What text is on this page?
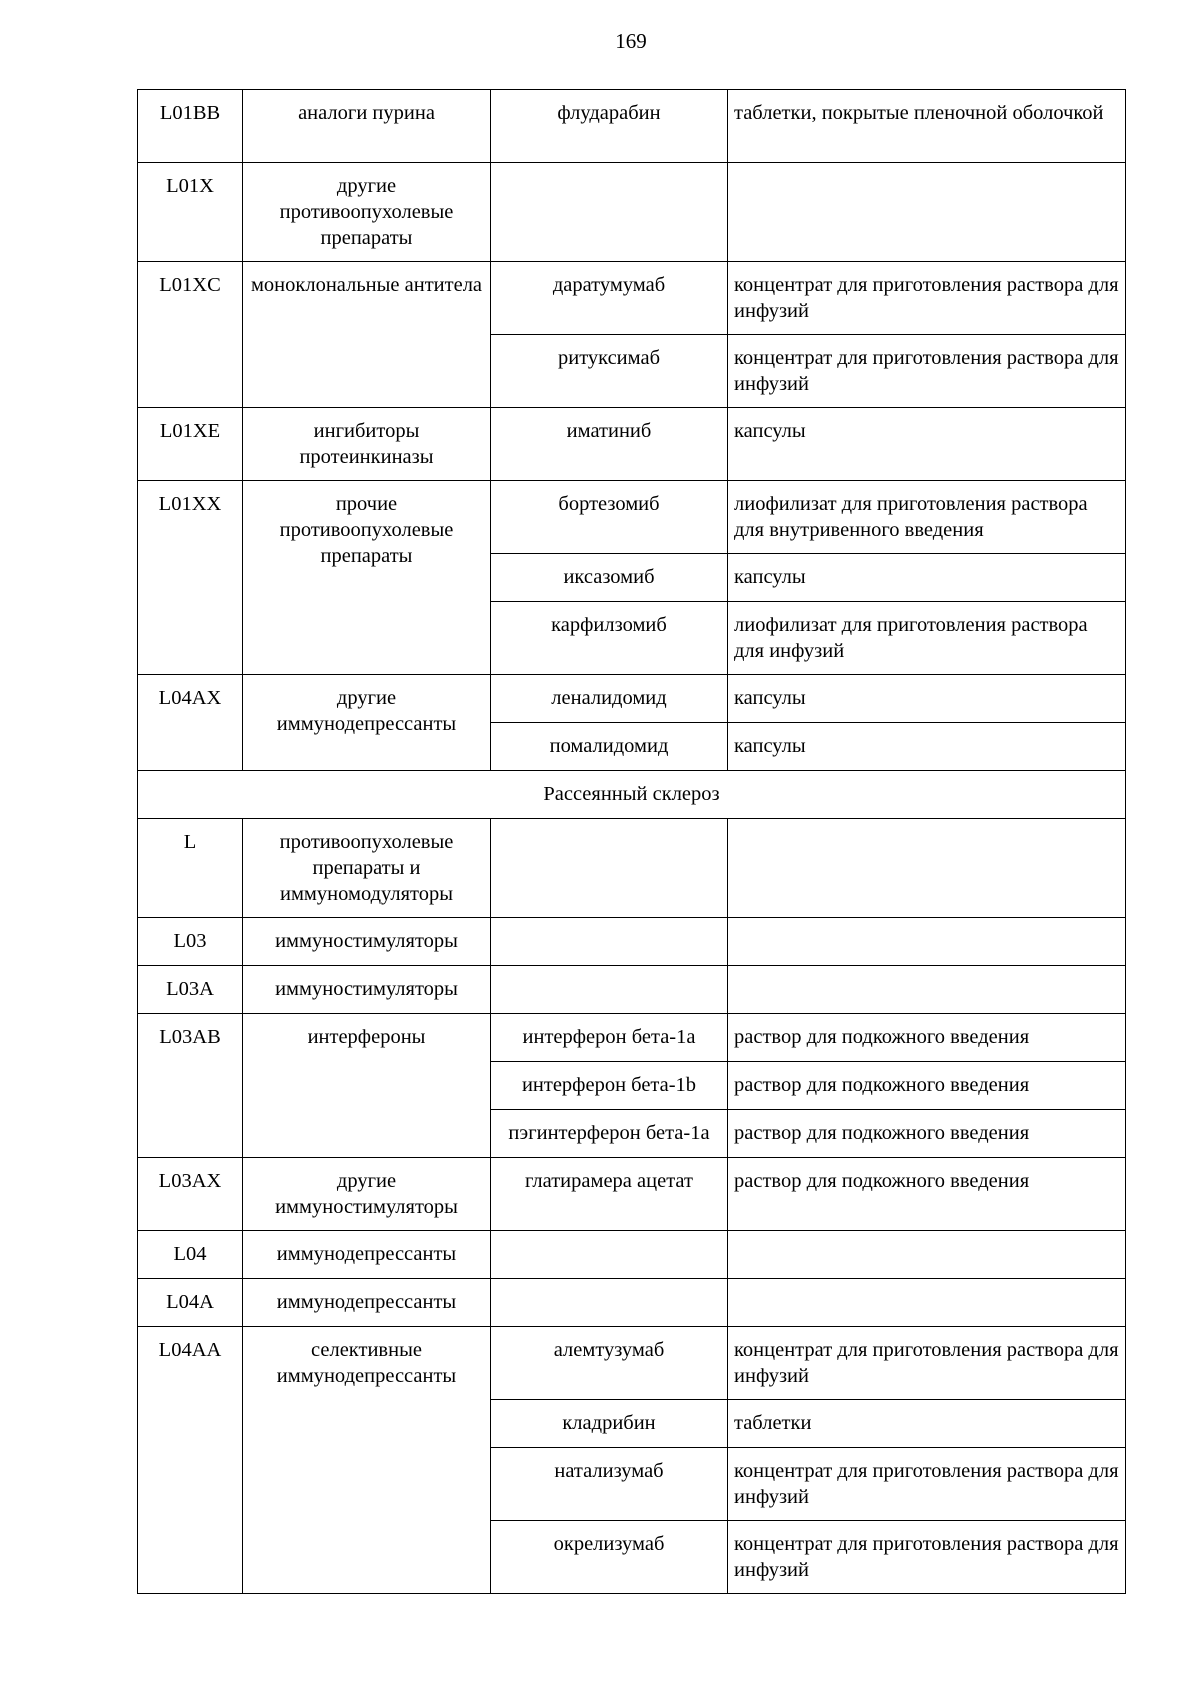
169
L01BB	аналоги пурина	флударабин	таблетки, покрытые пленочной оболочкой
L01X	другие противоопухолевые препараты		
L01XC	моноклональные антитела	даратумумаб	концентрат для приготовления раствора для инфузий
		ритуксимаб	концентрат для приготовления раствора для инфузий
L01XE	ингибиторы протеинкиназы	иматиниб	капсулы
L01XX	прочие противоопухолевые препараты	бортезомиб	лиофилизат для приготовления раствора для внутривенного введения
		иксазомиб	капсулы
		карфилзомиб	лиофилизат для приготовления раствора для инфузий
L04AX	другие иммунодепрессанты	леналидомид	капсулы
		помалидомид	капсулы
Рассеянный склероз			
L	противоопухолевые препараты и иммуномодуляторы		
L03	иммуностимуляторы		
L03A	иммуностимуляторы		
L03AB	интерфероны	интерферон бета-1a	раствор для подкожного введения
		интерферон бета-1b	раствор для подкожного введения
		пэгинтерферон бета-1a	раствор для подкожного введения
L03AX	другие иммуностимуляторы	глатирамера ацетат	раствор для подкожного введения
L04	иммунодепрессанты		
L04A	иммунодепрессанты		
L04AA	селективные иммунодепрессанты	алемтузумаб	концентрат для приготовления раствора для инфузий
		кладрибин	таблетки
		натализумаб	концентрат для приготовления раствора для инфузий
		окрелизумаб	концентрат для приготовления раствора для инфузий
